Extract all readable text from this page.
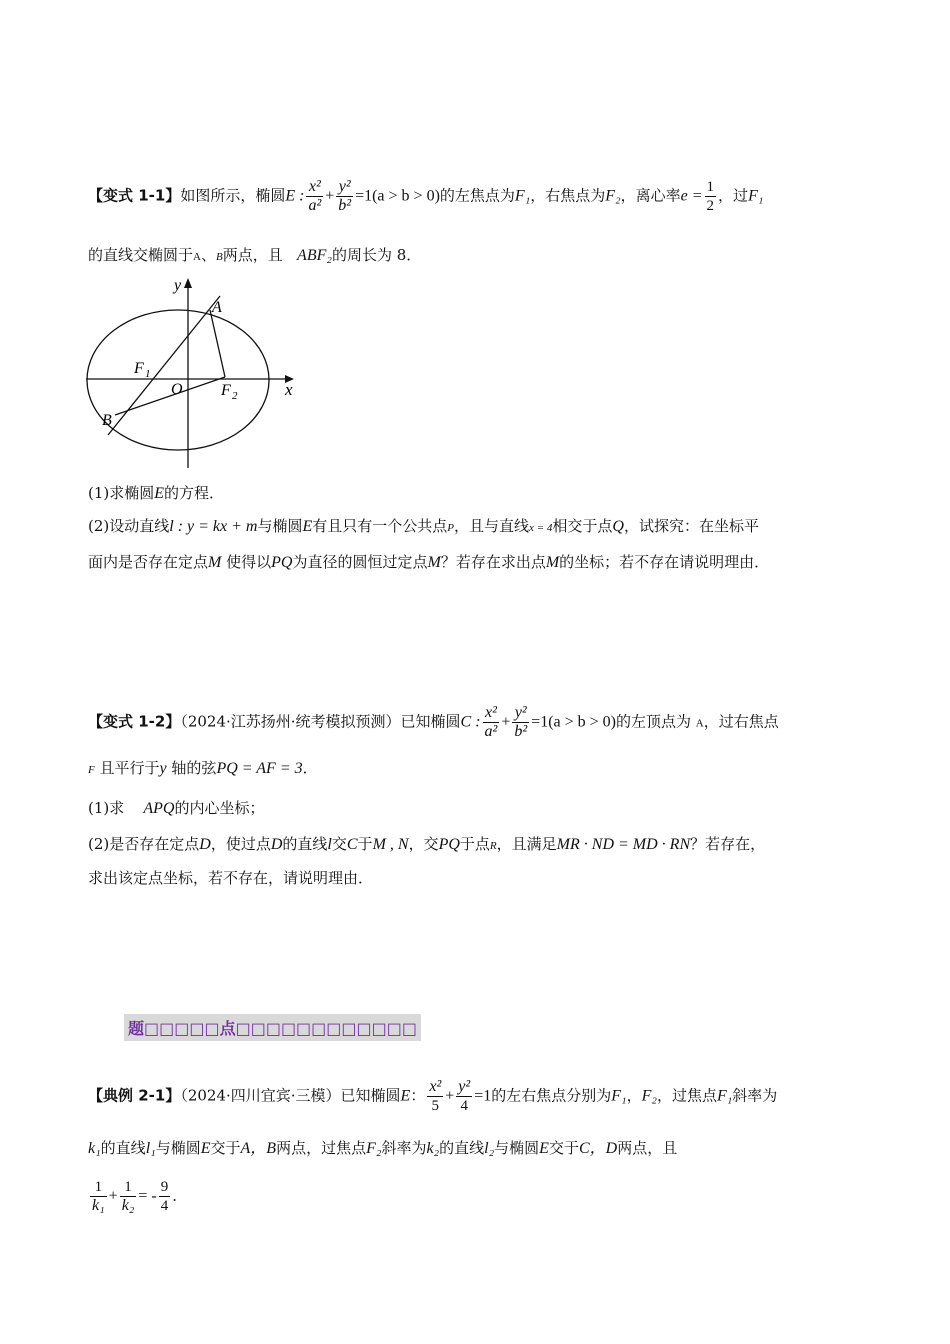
【变式 1-1】如图所示，椭圆E : $\frac{\text{x²}}{\text{a²}} + \frac{\text{y²}}{\text{b²}} =1(a > b > 0)$的左焦点为F₁，右焦点为F₂，离心率$e = \frac{1}{2}$ ，过F₁
的直线交椭圆于A、B两点，且 ABF₂的周长为 8．
y
x
A
B
F 1
O F 2
(1)求椭圆E的方程．
(2)设动直线l : y = kx + m与椭圆E有且只有一个公共点P，且与直线x = 4相交于点Q，试探究：在坐标平
面内是否存在定点M 使得以PQ为直径的圆恒过定点M？若存在求出点M的坐标；若不存在请说明理由．
【变式 1-2】（2024·江苏扬州·统考模拟预测）已知椭圆C : $\frac{\text{x²}}{\text{a²}} + \frac{\text{y²}}{\text{b²}} =1(a > b > 0)$的左顶点为 A，过右焦点
F 且平行于y 轴的弦PQ = AF = 3．
(1)求 APQ的内心坐标；
(2)是否存在定点D，使过点D的直线l交C于M , N，交PQ于点R，且满足MR · ND = MD · RN？若存在，
求出该定点坐标，若不存在，请说明理由．
题□□□□□点□□□□□□□□□□□□
【典例 2-1】（2024·四川宜宾·三模）已知椭圆E： $\frac{\text{x²}}{5} + \frac{\text{y²}}{4} =1$的左右焦点分别为F₁，F₂，过焦点F₁斜率为
k₁的直线l₁与椭圆E交于A，B两点，过焦点F₂斜率为k₂的直线l₂与椭圆E交于C，D两点，且
$\frac{1}{\text{k₁}} + \frac{1}{\text{k₂}}$ = - $\frac{9}{4}$ ．
